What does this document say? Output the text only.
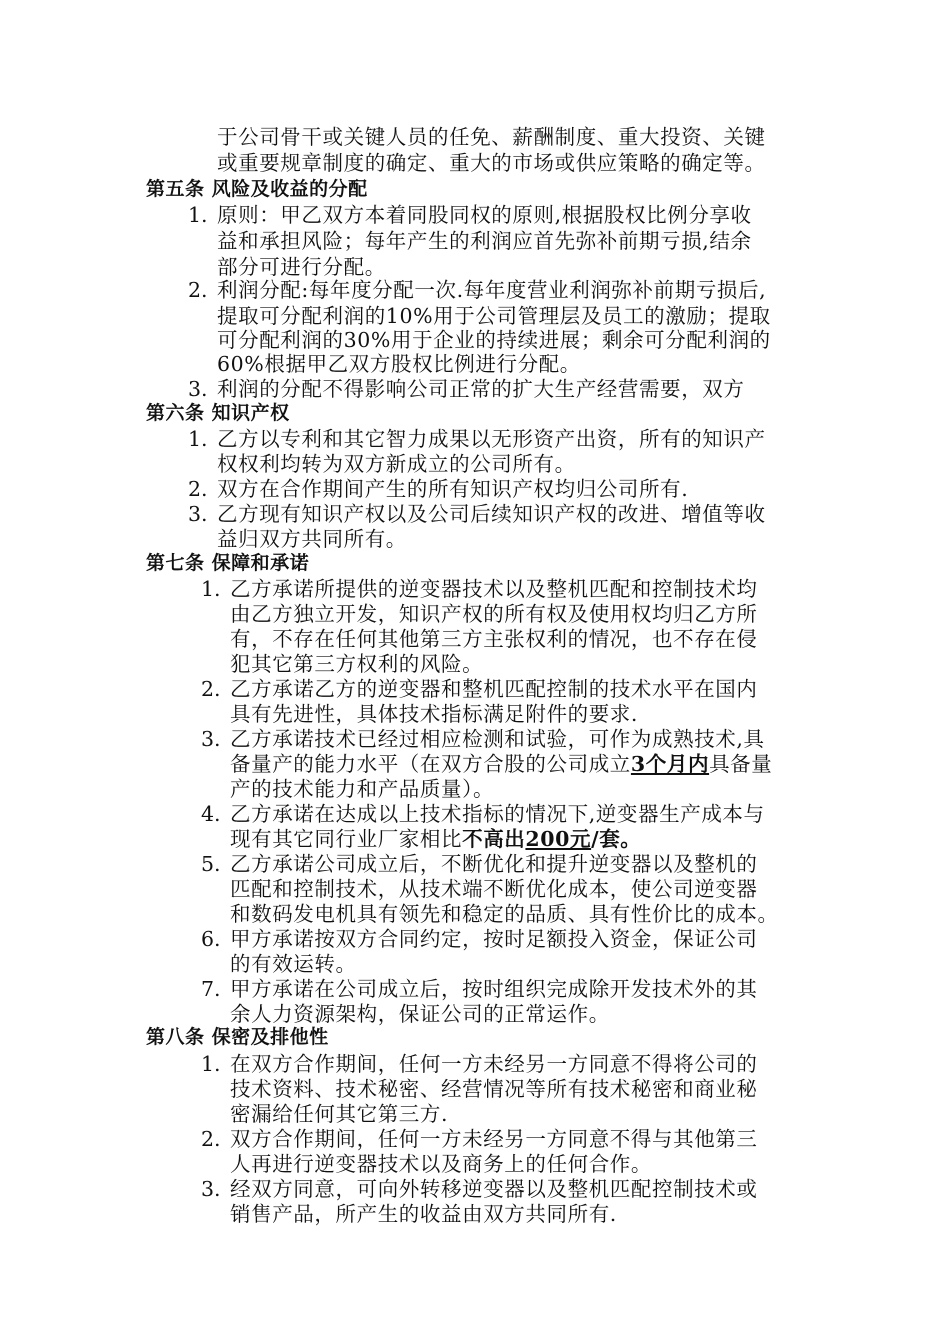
于公司骨干或关键人员的任免、薪酬制度、重大投资、关键
或重要规章制度的确定、重大的市场或供应策略的确定等。
第五条 风险及收益的分配
1. 原则：甲乙双方本着同股同权的原则,根据股权比例分享收
益和承担风险；每年产生的利润应首先弥补前期亏损,结余
部分可进行分配。
2. 利润分配:每年度分配一次.每年度营业利润弥补前期亏损后,
提取可分配利润的10%用于公司管理层及员工的激励；提取
可分配利润的30%用于企业的持续进展；剩余可分配利润的
60%根据甲乙双方股权比例进行分配。
3. 利润的分配不得影响公司正常的扩大生产经营需要，双方
第六条 知识产权
1. 乙方以专利和其它智力成果以无形资产出资，所有的知识产
权权利均转为双方新成立的公司所有。
2. 双方在合作期间产生的所有知识产权均归公司所有.
3. 乙方现有知识产权以及公司后续知识产权的改进、增值等收
益归双方共同所有。
第七条 保障和承诺
1. 乙方承诺所提供的逆变器技术以及整机匹配和控制技术均
由乙方独立开发，知识产权的所有权及使用权均归乙方所
有，不存在任何其他第三方主张权利的情况，也不存在侵
犯其它第三方权利的风险。
2. 乙方承诺乙方的逆变器和整机匹配控制的技术水平在国内
具有先进性，具体技术指标满足附件的要求.
3. 乙方承诺技术已经过相应检测和试验，可作为成熟技术,具
备量产的能力水平（在双方合股的公司成立3个月内具备量
产的技术能力和产品质量）。
4. 乙方承诺在达成以上技术指标的情况下,逆变器生产成本与
现有其它同行业厂家相比不高出200元/套。
5. 乙方承诺公司成立后，不断优化和提升逆变器以及整机的
匹配和控制技术，从技术端不断优化成本，使公司逆变器
和数码发电机具有领先和稳定的品质、具有性价比的成本。
6. 甲方承诺按双方合同约定，按时足额投入资金，保证公司
的有效运转。
7. 甲方承诺在公司成立后，按时组织完成除开发技术外的其
余人力资源架构，保证公司的正常运作。
第八条 保密及排他性
1. 在双方合作期间，任何一方未经另一方同意不得将公司的
技术资料、技术秘密、经营情况等所有技术秘密和商业秘
密漏给任何其它第三方.
2. 双方合作期间，任何一方未经另一方同意不得与其他第三
人再进行逆变器技术以及商务上的任何合作。
3. 经双方同意，可向外转移逆变器以及整机匹配控制技术或
销售产品，所产生的收益由双方共同所有.
